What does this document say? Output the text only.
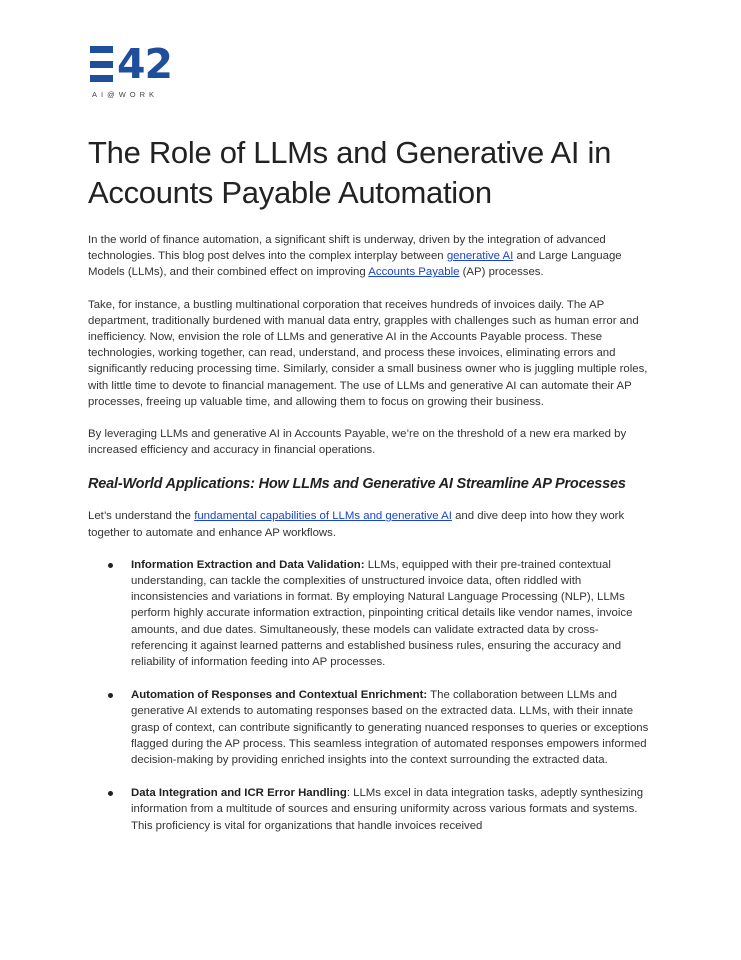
42
AI@WORK
The Role of LLMs and Generative AI in Accounts Payable Automation

In the world of finance automation, a significant shift is underway, driven by the integration of advanced technologies. This blog post delves into the complex interplay between generative AI and Large Language Models (LLMs), and their combined effect on improving Accounts Payable (AP) processes.

Take, for instance, a bustling multinational corporation that receives hundreds of invoices daily. The AP department, traditionally burdened with manual data entry, grapples with challenges such as human error and inefficiency. Now, envision the role of LLMs and generative AI in the Accounts Payable process. These technologies, working together, can read, understand, and process these invoices, eliminating errors and significantly reducing processing time. Similarly, consider a small business owner who is juggling multiple roles, with little time to devote to financial management. The use of LLMs and generative AI can automate their AP processes, freeing up valuable time, and allowing them to focus on growing their business.

By leveraging LLMs and generative AI in Accounts Payable, we’re on the threshold of a new era marked by increased efficiency and accuracy in financial operations.

Real-World Applications: How LLMs and Generative AI Streamline AP Processes

Let’s understand the fundamental capabilities of LLMs and generative AI and dive deep into how they work together to automate and enhance AP workflows.

Information Extraction and Data Validation: LLMs, equipped with their pre-trained contextual understanding, can tackle the complexities of unstructured invoice data, often riddled with inconsistencies and variations in format. By employing Natural Language Processing (NLP), LLMs perform highly accurate information extraction, pinpointing critical details like vendor names, invoice amounts, and due dates. Simultaneously, these models can validate extracted data by cross-referencing it against learned patterns and established business rules, ensuring the accuracy and reliability of information feeding into AP processes.
Automation of Responses and Contextual Enrichment: The collaboration between LLMs and generative AI extends to automating responses based on the extracted data. LLMs, with their innate grasp of context, can contribute significantly to generating nuanced responses to queries or exceptions flagged during the AP process. This seamless integration of automated responses empowers informed decision-making by providing enriched insights into the context surrounding the extracted data.
Data Integration and ICR Error Handling: LLMs excel in data integration tasks, adeptly synthesizing information from a multitude of sources and ensuring uniformity across various formats and systems. This proficiency is vital for organizations that handle invoices received
